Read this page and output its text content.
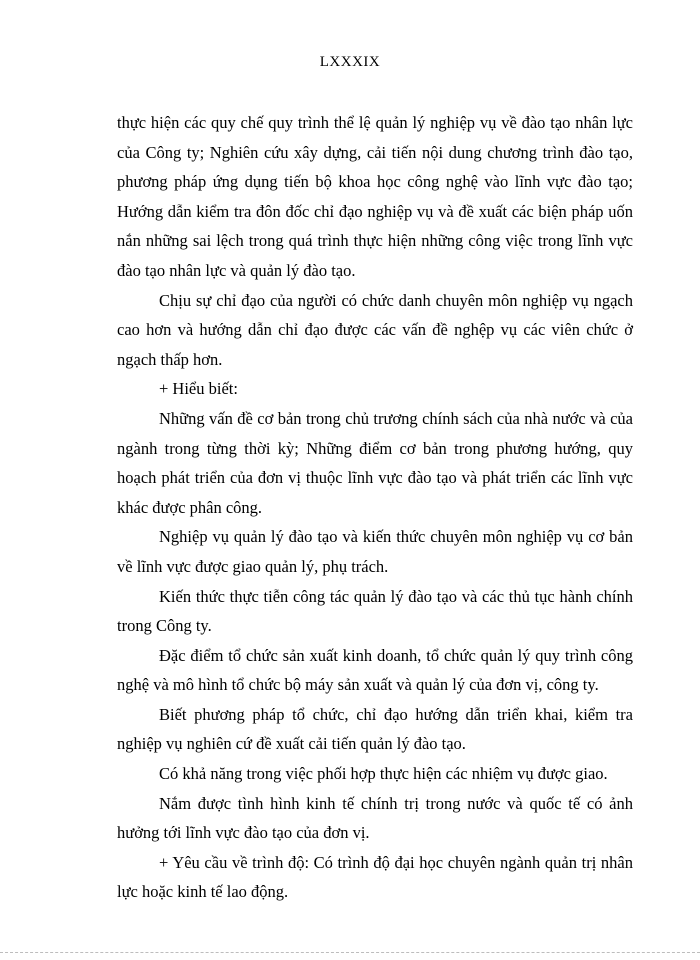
LXXXIX

thực hiện các quy chế quy trình thể lệ quản lý nghiệp vụ về đào tạo nhân lực của Công ty; Nghiên cứu xây dựng, cải tiến nội dung chương trình đào tạo, phương pháp ứng dụng tiến bộ khoa học công nghệ vào lĩnh vực đào tạo; Hướng dẫn kiểm tra đôn đốc chỉ đạo nghiệp vụ và đề xuất các biện pháp uốn nắn những sai lệch trong quá trình thực hiện những công việc trong lĩnh vực đào tạo nhân lực và quản lý đào tạo.

Chịu sự chỉ đạo của người có chức danh chuyên môn nghiệp vụ ngạch cao hơn và hướng dẫn chỉ đạo được các vấn đề nghệp vụ các viên chức ở ngạch thấp hơn.

+ Hiểu biết:

Những vấn đề cơ bản trong chủ trương chính sách của nhà nước và của ngành trong từng thời kỳ; Những điểm cơ bản trong phương hướng, quy hoạch phát triển của đơn vị thuộc lĩnh vực đào tạo và phát triển các lĩnh vực khác được phân công.

Nghiệp vụ quản lý đào tạo và kiến thức chuyên môn nghiệp vụ cơ bản về lĩnh vực được giao quản lý, phụ trách.

Kiến thức thực tiễn công tác quản lý đào tạo và các thủ tục hành chính trong Công ty.

Đặc điểm tổ chức sản xuất kinh doanh, tổ chức quản lý quy trình công nghệ và mô hình tổ chức bộ máy sản xuất và quản lý của đơn vị, công ty.

Biết phương pháp tổ chức, chỉ đạo hướng dẫn triển khai, kiểm tra nghiệp vụ nghiên cứ đề xuất cải tiến quản lý đào tạo.

Có khả năng trong việc phối hợp thực hiện các nhiệm vụ được giao.

Nắm được tình hình kinh tế chính trị trong nước và quốc tế có ảnh hưởng tới lĩnh vực đào tạo của đơn vị.

+ Yêu cầu về trình độ: Có trình độ đại học chuyên ngành quản trị nhân lực hoặc kinh tế lao động.
